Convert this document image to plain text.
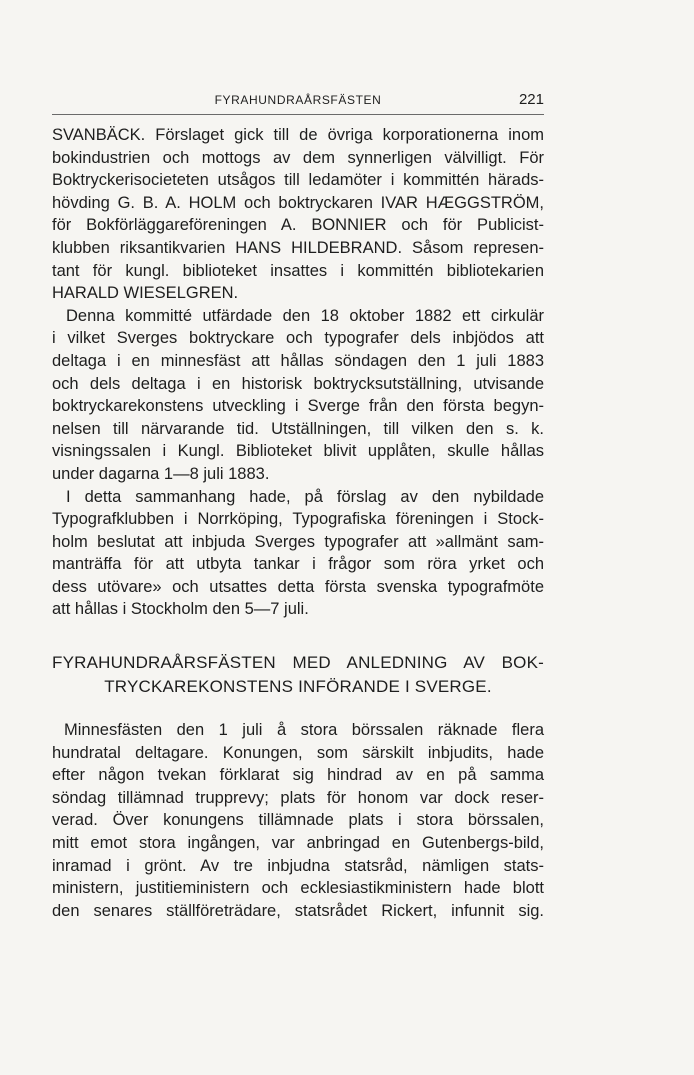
FYRAHUNDRAÅRSFÄSTEN	221
SVANBÄCK. Förslaget gick till de övriga korporationerna inom
bokindustrien och mottogs av dem synnerligen välvilligt. För
Boktryckerisocieteten utsågos till ledamöter i kommittén härads-
hövding G. B. A. HOLM och boktryckaren IVAR HÆGGSTRÖM,
för Bokförläggareföreningen A. BONNIER och för Publicist-
klubben riksantikvarien HANS HILDEBRAND. Såsom represen-
tant för kungl. biblioteket insattes i kommittén bibliotekarien
HARALD WIESELGREN.
Denna kommitté utfärdade den 18 oktober 1882 ett cirkulär
i vilket Sverges boktryckare och typografer dels inbjödos att
deltaga i en minnesfäst att hållas söndagen den 1 juli 1883
och dels deltaga i en historisk boktrycksutställning, utvisande
boktryckarekonstens utveckling i Sverge från den första begyn-
nelsen till närvarande tid. Utställningen, till vilken den s. k.
visningssalen i Kungl. Biblioteket blivit upplåten, skulle hållas
under dagarna 1—8 juli 1883.
I detta sammanhang hade, på förslag av den nybildade
Typografklubben i Norrköping, Typografiska föreningen i Stock-
holm beslutat att inbjuda Sverges typografer att »allmänt sam-
manträffa för att utbyta tankar i frågor som röra yrket och
dess utövare» och utsattes detta första svenska typografmöte
att hållas i Stockholm den 5—7 juli.
FYRAHUNDRAÅRSFÄSTEN MED ANLEDNING AV BOK-
TRYCKAREKONSTENS INFÖRANDE I SVERGE.
Minnesfästen den 1 juli å stora börssalen räknade flera
hundratal deltagare. Konungen, som särskilt inbjudits, hade
efter någon tvekan förklarat sig hindrad av en på samma
söndag tillämnad trupprevy; plats för honom var dock reser-
verad. Över konungens tillämnade plats i stora börssalen,
mitt emot stora ingången, var anbringad en Gutenbergs-bild,
inramad i grönt. Av tre inbjudna statsråd, nämligen stats-
ministern, justitieministern och ecklesiastikministern hade blott
den senares ställföreträdare, statsrådet Rickert, infunnit sig.
